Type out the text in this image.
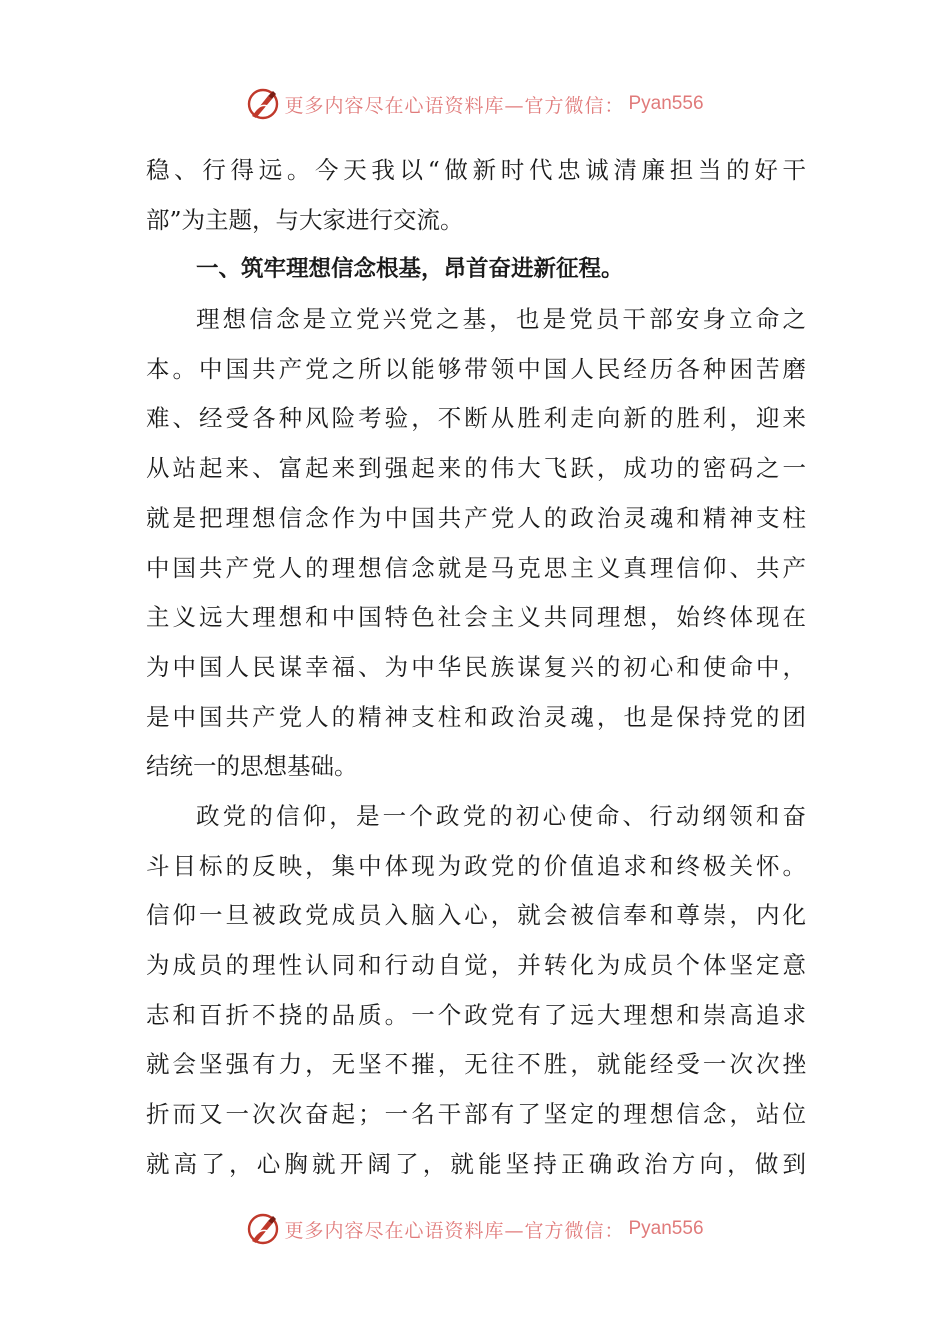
更多内容尽在心语资料库—官方微信： Pyan556
稳、行得远。今天我以“做新时代忠诚清廉担当的好干
部”为主题，与大家进行交流。
一、筑牢理想信念根基，昂首奋进新征程。
理想信念是立党兴党之基，也是党员干部安身立命之
本。中国共产党之所以能够带领中国人民经历各种困苦磨
难、经受各种风险考验，不断从胜利走向新的胜利，迎来
从站起来、富起来到强起来的伟大飞跃，成功的密码之一
就是把理想信念作为中国共产党人的政治灵魂和精神支柱
中国共产党人的理想信念就是马克思主义真理信仰、共产
主义远大理想和中国特色社会主义共同理想，始终体现在
为中国人民谋幸福、为中华民族谋复兴的初心和使命中，
是中国共产党人的精神支柱和政治灵魂，也是保持党的团
结统一的思想基础。
政党的信仰，是一个政党的初心使命、行动纲领和奋
斗目标的反映，集中体现为政党的价值追求和终极关怀。
信仰一旦被政党成员入脑入心，就会被信奉和尊崇，内化
为成员的理性认同和行动自觉，并转化为成员个体坚定意
志和百折不挠的品质。一个政党有了远大理想和崇高追求
就会坚强有力，无坚不摧，无往不胜，就能经受一次次挫
折而又一次次奋起；一名干部有了坚定的理想信念，站位
就高了，心胸就开阔了，就能坚持正确政治方向，做到
更多内容尽在心语资料库—官方微信： Pyan556
